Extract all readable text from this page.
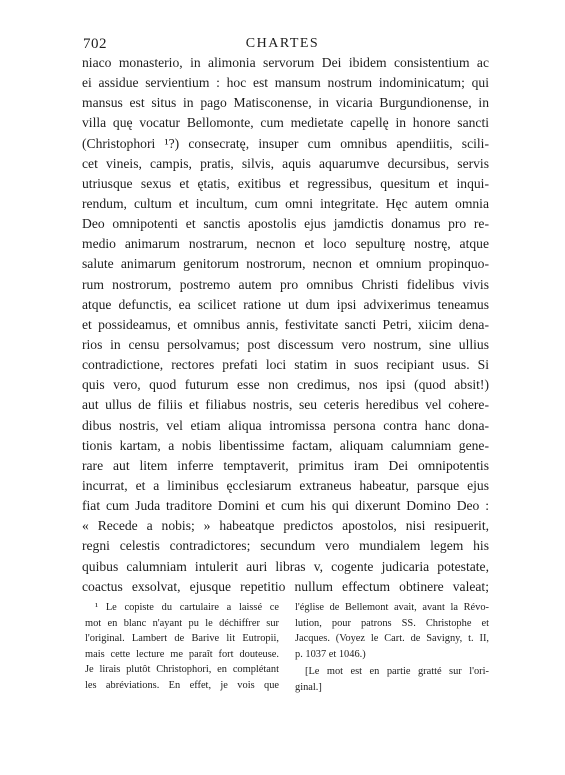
702	CHARTES
niaco monasterio, in alimonia servorum Dei ibidem consistentium ac
ei assidue servientium : hoc est mansum nostrum indominicatum; qui
mansus est situs in pago Matisconense, in vicaria Burgundionense, in
villa quę vocatur Bellomonte, cum medietate capellę in honore sancti
(Christophori ¹?) consecratę, insuper cum omnibus apendiitis, scili-
cet vineis, campis, pratis, silvis, aquis aquarumve decursibus, servis
utriusque sexus et ętatis, exitibus et regressibus, quesitum et inqui-
rendum, cultum et incultum, cum omni integritate. Hęc autem omnia
Deo omnipotenti et sanctis apostolis ejus jamdictis donamus pro re-
medio animarum nostrarum, necnon et loco sepulturę nostrę, atque
salute animarum genitorum nostrorum, necnon et omnium propinquo-
rum nostrorum, postremo autem pro omnibus Christi fidelibus vivis
atque defunctis, ea scilicet ratione ut dum ipsi advixerimus teneamus
et possideamus, et omnibus annis, festivitate sancti Petri, xiicim dena-
rios in censu persolvamus; post discessum vero nostrum, sine ullius
contradictione, rectores prefati loci statim in suos recipiant usus. Si
quis vero, quod futurum esse non credimus, nos ipsi (quod absit!)
aut ullus de filiis et filiabus nostris, seu ceteris heredibus vel cohere-
dibus nostris, vel etiam aliqua intromissa persona contra hanc dona-
tionis kartam, a nobis libentissime factam, aliquam calumniam gene-
rare aut litem inferre temptaverit, primitus iram Dei omnipotentis
incurrat, et a liminibus ęcclesiarum extraneus habeatur, parsque ejus
fiat cum Juda traditore Domini et cum his qui dixerunt Domino Deo :
« Recede a nobis; » habeatque predictos apostolos, nisi resipuerit,
regni celestis contradictores; secundum vero mundialem legem his
quibus calumniam intulerit auri libras v, cogente judicaria potestate,
coactus exsolvat, ejusque repetitio nullum effectum obtinere valeat;
¹ Le copiste du cartulaire a laissé ce
mot en blanc n'ayant pu le déchiffrer sur
l'original. Lambert de Barive lit Eutropii,
mais cette lecture me paraît fort douteuse.
Je lirais plutôt Christophori, en complétant
les abréviations. En effet, je vois que
l'église de Bellemont avait, avant la Révo-
lution, pour patrons SS. Christophe et
Jacques. (Voyez le Cart. de Savigny, t. II,
p. 1037 et 1046.)
[Le mot est en partie gratté sur l'ori-
ginal.]
